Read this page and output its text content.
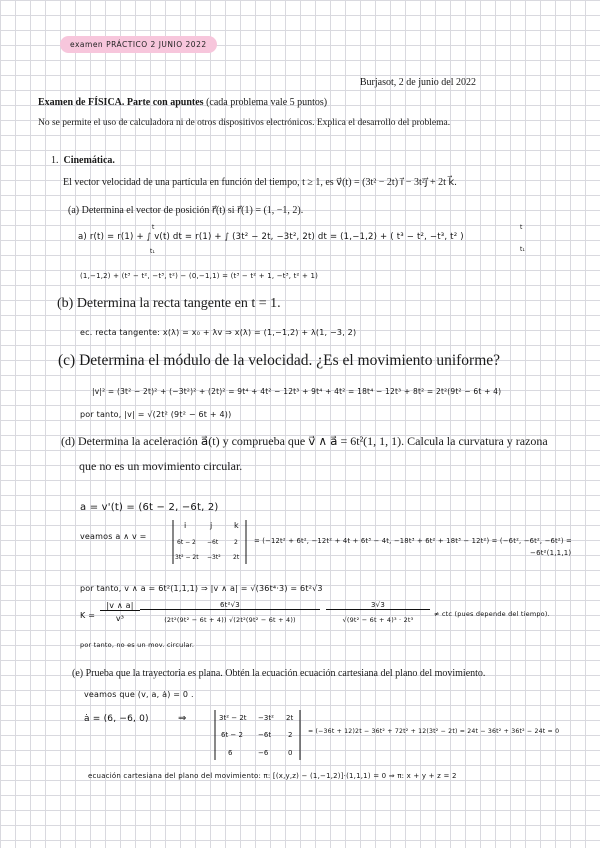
examen PRÁCTICO 2 JUNIO 2022
Burjasot, 2 de junio del 2022
Examen de FÍSICA. Parte con apuntes (cada problema vale 5 puntos)
No se permite el uso de calculadora ni de otros dispositivos electrónicos. Explica el desarrollo del problema.
1. Cinemática.
El vector velocidad de una partícula en función del tiempo, t ≥ 1, es v⃗(t) = (3t² − 2t) ı⃗ − 3t²ȷ⃗ + 2t k⃗.
(a) Determina el vector de posición r⃗(t) si r⃗(1) = (1, −1, 2).
a) r(t) = r(1) + ∫ v(t) dt = r(1) + ∫ (3t² − 2t, −3t², 2t) dt = (1,−1,2) + ( t³ − t², −t³, t² )
t
t₁
t
t₁
(1,−1,2) + (t³ − t², −t³, t²) − (0,−1,1) = (t³ − t² + 1, −t³, t² + 1)
(b) Determina la recta tangente en t = 1.
ec. recta tangente: x(λ) = x₀ + λv ⇒ x(λ) = (1,−1,2) + λ(1, −3, 2)
(c) Determina el módulo de la velocidad. ¿Es el movimiento uniforme?
|v|² = (3t² − 2t)² + (−3t²)² + (2t)² = 9t⁴ + 4t² − 12t³ + 9t⁴ + 4t² = 18t⁴ − 12t³ + 8t² = 2t²(9t² − 6t + 4)
por tanto, |v| = √(2t² (9t² − 6t + 4))
(d) Determina la aceleración a⃗(t) y comprueba que v⃗ ∧ a⃗ = 6t²(1, 1, 1). Calcula la curvatura y razona
que no es un movimiento circular.
a = v'(t) = (6t − 2, −6t, 2)
veamos a ∧ v =
i	j	k
6t − 2 −6t	2
3t² − 2t −3t² 2t
= (−12t² + 6t², −12t² + 4t + 6t³ − 4t, −18t³ + 6t² + 18t³ − 12t²) = (−6t², −6t², −6t²) =
−6t²(1,1,1)
por tanto, v ∧ a = 6t²(1,1,1) ⇒ |v ∧ a| = √(36t⁴·3) = 6t²√3
K =
|v ∧ a|
v³
6t²√3
(2t²(9t² − 6t + 4)) √(2t²(9t² − 6t + 4))
3√3
√(9t² − 6t + 4)³ · 2t³
≠ ctc (pues depende del tiempo).
por tanto, no es un mov. circular.
(e) Prueba que la trayectoria es plana. Obtén la ecuación ecuación cartesiana del plano del movimiento.
veamos que (v, a, ȧ) = 0 .
ȧ = (6, −6, 0)	⇒	3t² − 2t −3t² 2t
6t − 2 −6t 2
6	−6	0
= (−36t + 12)2t − 36t² + 72t² + 12(3t² − 2t) = 24t − 36t² + 36t² − 24t = 0
ecuación cartesiana del plano del movimiento: π: [(x,y,z) − (1,−1,2)]·(1,1,1) = 0 ⇒ π: x + y + z = 2
